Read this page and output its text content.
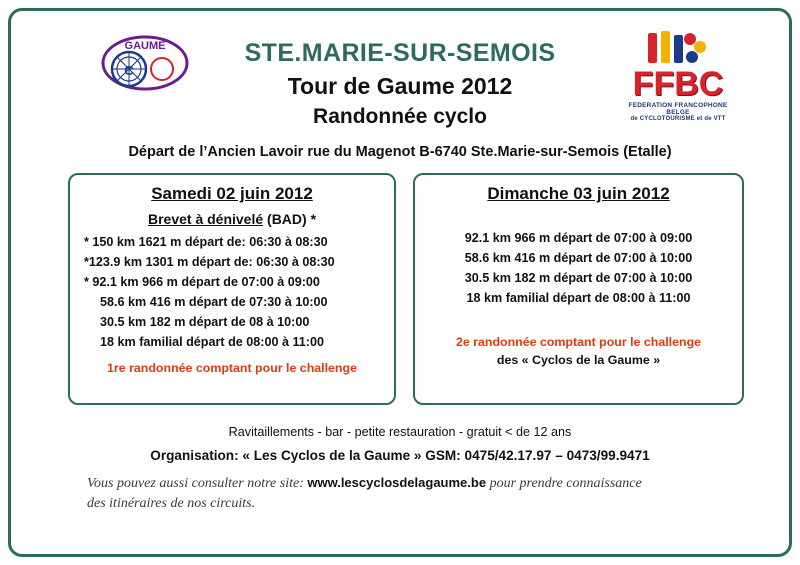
GAUME
C	FFBC
FEDERATION FRANCOPHONE BELGE
de CYCLOTOURISME et de VTT
STE.MARIE-SUR-SEMOIS
Tour de Gaume 2012
Randonnée cyclo
Départ de l’Ancien Lavoir rue du Magenot B-6740 Ste.Marie-sur-Semois (Etalle)
Samedi 02 juin 2012
Brevet à dénivelé (BAD) *
* 150 km 1621 m départ de: 06:30 à 08:30
*123.9 km 1301 m départ de: 06:30 à 08:30
* 92.1 km 966 m départ de 07:00 à 09:00
58.6 km 416 m départ de 07:30 à 10:00
30.5 km 182 m départ de 08 à 10:00
18 km familial départ de 08:00 à 11:00
1re randonnée comptant pour le challenge
Dimanche 03 juin 2012
92.1 km 966 m départ de 07:00 à 09:00
58.6 km 416 m départ de 07:00 à 10:00
30.5 km 182 m départ de 07:00 à 10:00
18 km familial départ de 08:00 à 11:00
2e randonnée comptant pour le challenge
des « Cyclos de la Gaume »
Ravitaillements - bar - petite restauration - gratuit < de 12 ans
Organisation: « Les Cyclos de la Gaume » GSM: 0475/42.17.97 – 0473/99.9471
Vous pouvez aussi consulter notre site: www.lescyclosdelagaume.be pour prendre connaissance
des itinéraires de nos circuits.
